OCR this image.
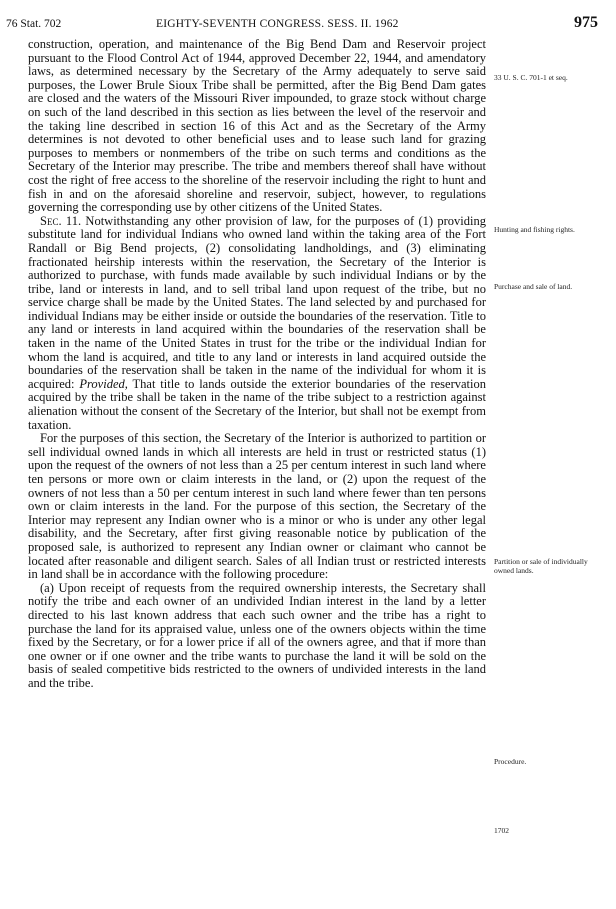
76 Stat. 702	EIGHTY-SEVENTH CONGRESS. SESS. II. 1962	975

construction, operation, and maintenance of the Big Bend Dam and Reservoir project pursuant to the Flood Control Act of 1944, approved December 22, 1944, and amendatory laws, as determined necessary by the Secretary of the Army adequately to serve said purposes, the Lower Brule Sioux Tribe shall be permitted, after the Big Bend Dam gates are closed and the waters of the Missouri River impounded, to graze stock without charge on such of the land described in this section as lies between the level of the reservoir and the taking line described in section 16 of this Act and as the Secretary of the Army determines is not devoted to other beneficial uses and to lease such land for grazing purposes to members or nonmembers of the tribe on such terms and conditions as the Secretary of the Interior may prescribe. The tribe and members thereof shall have without cost the right of free access to the shoreline of the reservoir including the right to hunt and fish in and on the aforesaid shoreline and reservoir, subject, however, to regulations governing the corresponding use by other citizens of the United States.

Sec. 11. Notwithstanding any other provision of law, for the purposes of (1) providing substitute land for individual Indians who owned land within the taking area of the Fort Randall or Big Bend projects, (2) consolidating landholdings, and (3) eliminating fractionated heirship interests within the reservation, the Secretary of the Interior is authorized to purchase, with funds made available by such individual Indians or by the tribe, land or interests in land, and to sell tribal land upon request of the tribe, but no service charge shall be made by the United States. The land selected by and purchased for individual Indians may be either inside or outside the boundaries of the reservation. Title to any land or interests in land acquired within the boundaries of the reservation shall be taken in the name of the United States in trust for the tribe or the individual Indian for whom the land is acquired, and title to any land or interests in land acquired outside the boundaries of the reservation shall be taken in the name of the individual for whom it is acquired: Provided, That title to lands outside the exterior boundaries of the reservation acquired by the tribe shall be taken in the name of the tribe subject to a restriction against alienation without the consent of the Secretary of the Interior, but shall not be exempt from taxation.

For the purposes of this section, the Secretary of the Interior is authorized to partition or sell individual owned lands in which all interests are held in trust or restricted status (1) upon the request of the owners of not less than a 25 per centum interest in such land where ten persons or more own or claim interests in the land, or (2) upon the request of the owners of not less than a 50 per centum interest in such land where fewer than ten persons own or claim interests in the land. For the purpose of this section, the Secretary of the Interior may represent any Indian owner who is a minor or who is under any other legal disability, and the Secretary, after first giving reasonable notice by publication of the proposed sale, is authorized to represent any Indian owner or claimant who cannot be located after reasonable and diligent search. Sales of all Indian trust or restricted interests in land shall be in accordance with the following procedure:

(a) Upon receipt of requests from the required ownership interests, the Secretary shall notify the tribe and each owner of an undivided Indian interest in the land by a letter directed to his last known address that each such owner and the tribe has a right to purchase the land for its appraised value, unless one of the owners objects within the time fixed by the Secretary, or for a lower price if all of the owners agree, and that if more than one owner or if one owner and the tribe wants to purchase the land it will be sold on the basis of sealed competitive bids restricted to the owners of undivided interests in the land and the tribe.

33 U. S. C. 701-1 et seq.
Hunting and fishing rights.
Purchase and sale of land.
Partition or sale of individually owned lands.
Procedure.
1702
